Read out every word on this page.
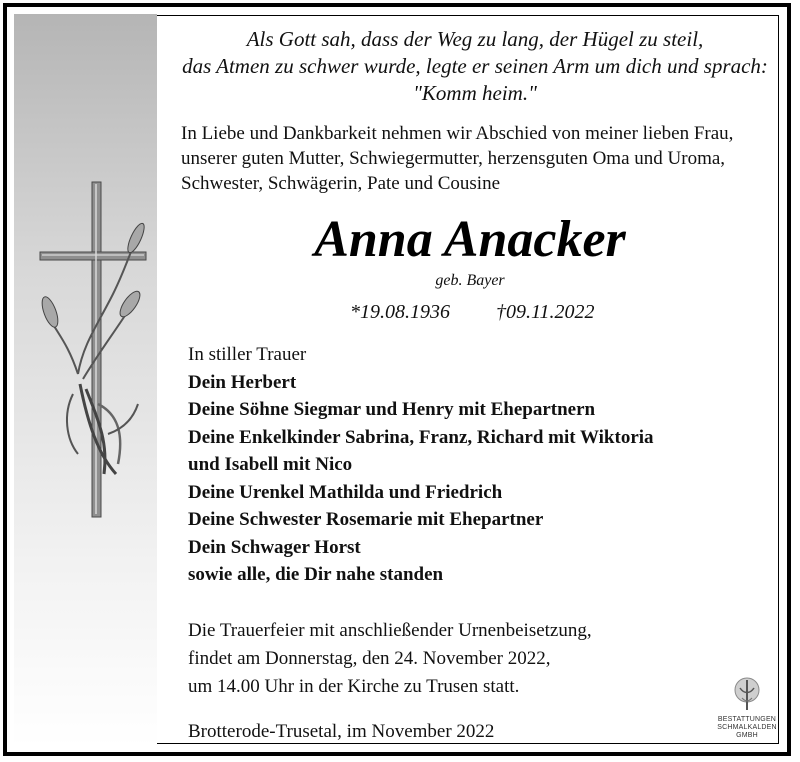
Als Gott sah, dass der Weg zu lang, der Hügel zu steil,
das Atmen zu schwer wurde, legte er seinen Arm um dich und sprach:
"Komm heim."
In Liebe und Dankbarkeit nehmen wir Abschied von meiner lieben Frau,
unserer guten Mutter, Schwiegermutter, herzensguten Oma und Uroma,
Schwester, Schwägerin, Pate und Cousine
Anna Anacker
geb. Bayer
*19.08.1936 †09.11.2022
In stiller Trauer
Dein Herbert
Deine Söhne Siegmar und Henry mit Ehepartnern
Deine Enkelkinder Sabrina, Franz, Richard mit Wiktoria
und Isabell mit Nico
Deine Urenkel Mathilda und Friedrich
Deine Schwester Rosemarie mit Ehepartner
Dein Schwager Horst
sowie alle, die Dir nahe standen
Die Trauerfeier mit anschließender Urnenbeisetzung,
findet am Donnerstag, den 24. November 2022,
um 14.00 Uhr in der Kirche zu Trusen statt.
Brotterode-Trusetal, im November 2022
BESTATTUNGEN
SCHMALKALDEN
GMBH
